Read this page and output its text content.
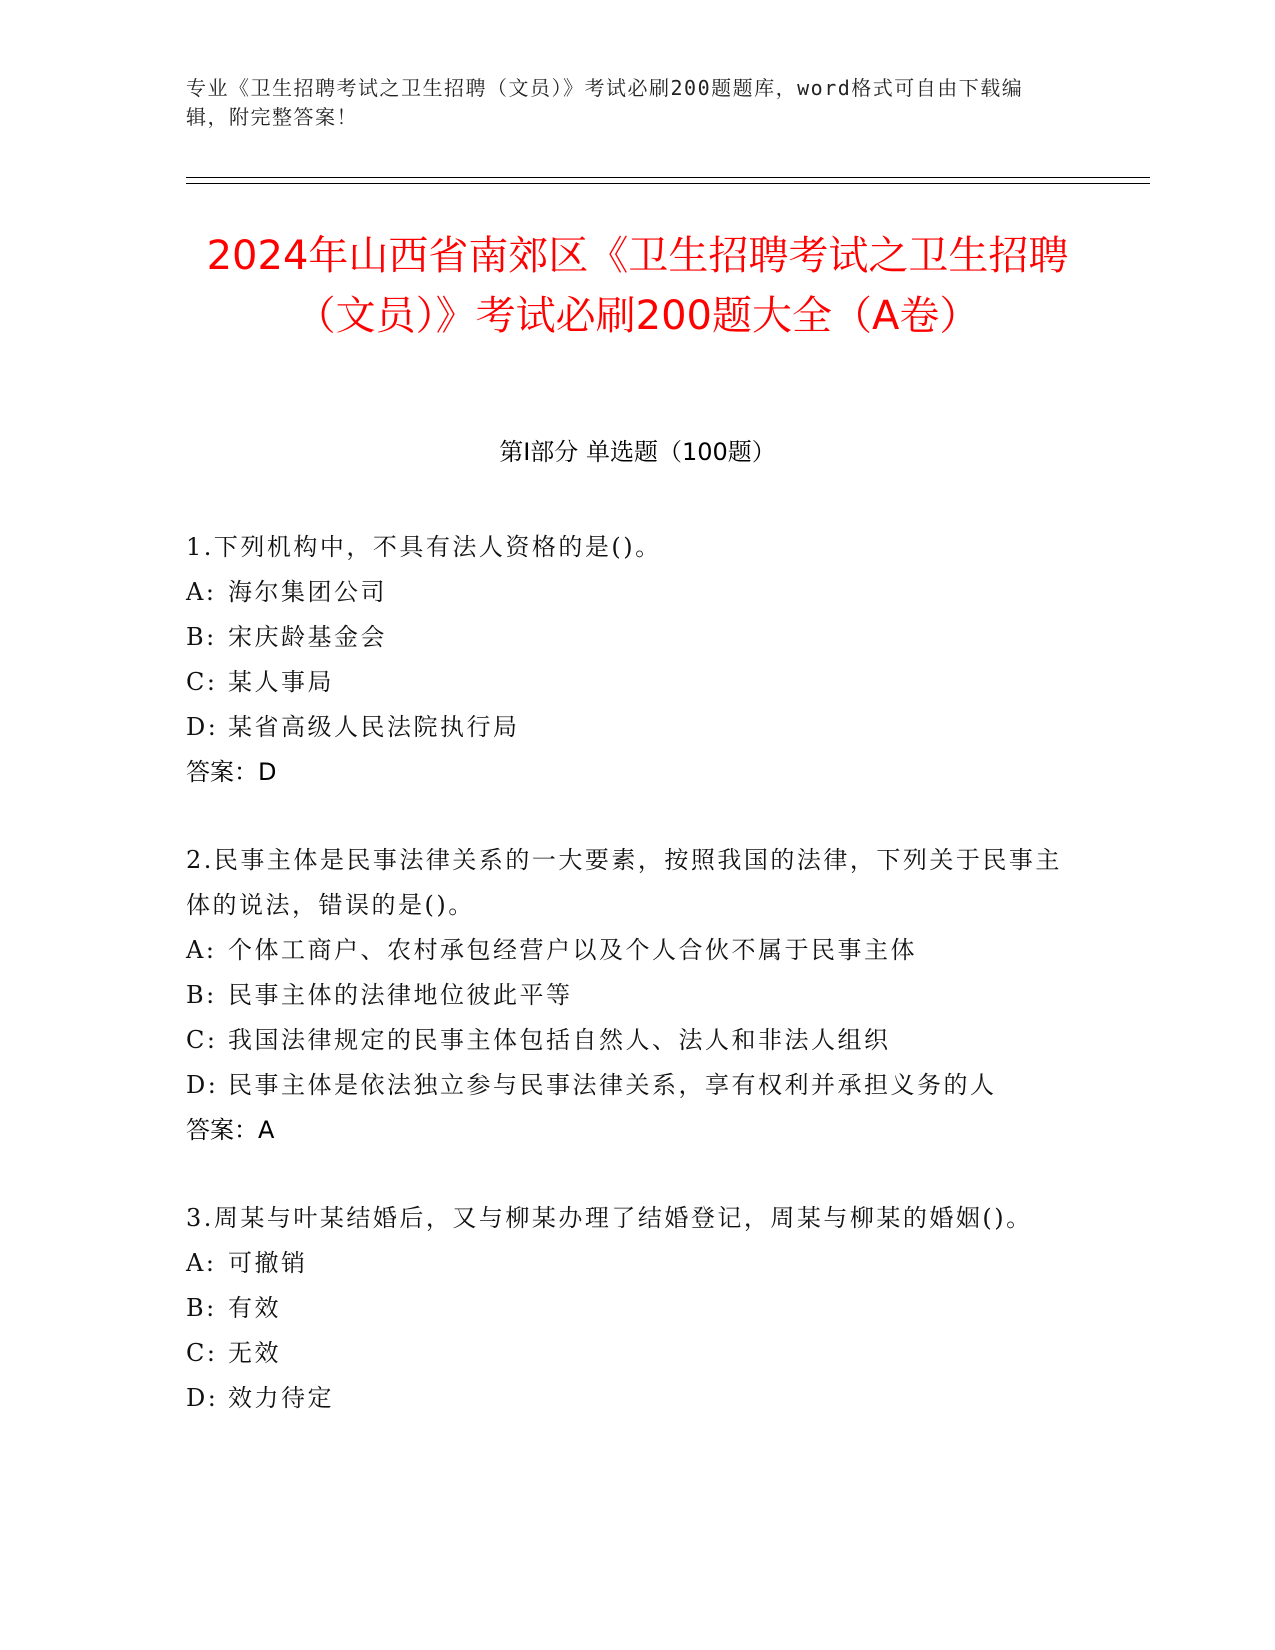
专业《卫生招聘考试之卫生招聘（文员）》考试必刷200题题库，word格式可自由下载编辑，附完整答案！
2024年山西省南郊区《卫生招聘考试之卫生招聘（文员）》考试必刷200题大全（A卷）
第I部分 单选题（100题）

1.下列机构中，不具有法人资格的是()。

A: 海尔集团公司

B: 宋庆龄基金会

C: 某人事局

D: 某省高级人民法院执行局

答案：D

2.民事主体是民事法律关系的一大要素，按照我国的法律，下列关于民事主体的说法，错误的是()。

A: 个体工商户、农村承包经营户以及个人合伙不属于民事主体

B: 民事主体的法律地位彼此平等

C: 我国法律规定的民事主体包括自然人、法人和非法人组织

D: 民事主体是依法独立参与民事法律关系，享有权利并承担义务的人

答案：A

3.周某与叶某结婚后，又与柳某办理了结婚登记，周某与柳某的婚姻()。

A: 可撤销

B: 有效

C: 无效

D: 效力待定
